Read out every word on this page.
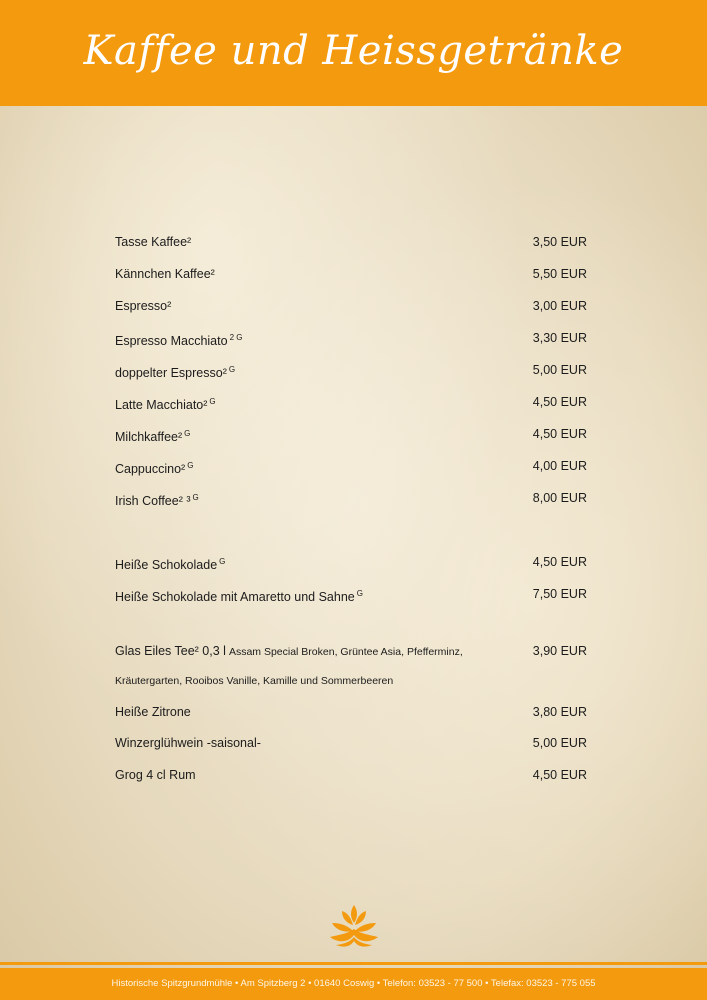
Kaffee und Heissgetränke
Tasse Kaffee²	3,50 EUR
Kännchen Kaffee²	5,50 EUR
Espresso²	3,00 EUR
Espresso Macchiato $^{2 G}$	3,30 EUR
doppelter Espresso² $^G$	5,00 EUR
Latte Macchiato² $^G$	4,50 EUR
Milchkaffee² $^G$	4,50 EUR
Cappuccino² $^G$	4,00 EUR
Irish Coffee² ³ $^G$	8,00 EUR
Heiße Schokolade $^G$	4,50 EUR
Heiße Schokolade mit Amaretto und Sahne $^G$	7,50 EUR
Glas Eiles Tee² 0,3 l Assam Special Broken, Grüntee Asia, Pfefferminz,	3,90 EUR
Kräutergarten, Rooibos Vanille, Kamille und Sommerbeeren
Heiße Zitrone	3,80 EUR
Winzerglühwein -saisonal-	5,00 EUR
Grog 4 cl Rum	4,50 EUR
Historische Spitzgrundmühle • Am Spitzberg 2 • 01640 Coswig • Telefon: 03523 - 77 500 • Telefax: 03523 - 775 055
